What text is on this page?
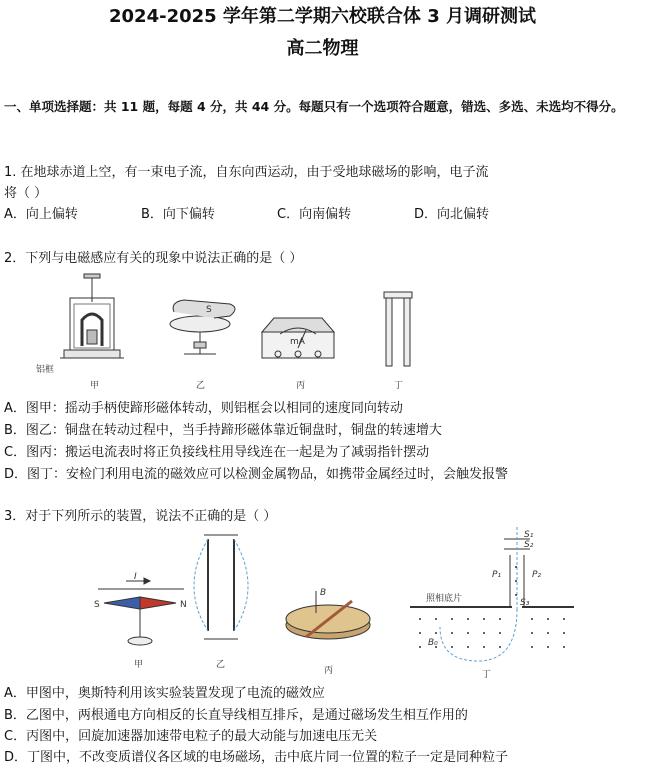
2024-2025 学年第二学期六校联合体 3 月调研测试
高二物理
一、单项选择题：共 11 题，每题 4 分，共 44 分。每题只有一个选项符合题意，错选、多选、未选均不得分。
1. 在地球赤道上空，有一束电子流，自东向西运动，由于受地球磁场的影响，电子流
将（ ）
A．向上偏转	B．向下偏转	C．向南偏转	D．向北偏转
2．下列与电磁感应有关的现象中说法正确的是（ ）
铝框
甲
S
乙
mA
丙	丁
A．图甲：摇动手柄使蹄形磁体转动，则铝框会以相同的速度同向转动
B．图乙：铜盘在转动过程中，当手持蹄形磁体靠近铜盘时，铜盘的转速增大
C．图丙：搬运电流表时将正负接线柱用导线连在一起是为了减弱指针摆动
D．图丁：安检门利用电流的磁效应可以检测金属物品，如携带金属经过时，会触发报警
3．对于下列所示的装置，说法不正确的是（ ）
I
S	N
甲	乙
B
丙
照相底片
P₁	P₂
S₁
S₂
S₃
B₀
丁
A．甲图中，奥斯特利用该实验装置发现了电流的磁效应
B．乙图中，两根通电方向相反的长直导线相互排斥，是通过磁场发生相互作用的
C．丙图中，回旋加速器加速带电粒子的最大动能与加速电压无关
D．丁图中，不改变质谱仪各区域的电场磁场，击中底片同一位置的粒子一定是同种粒子
